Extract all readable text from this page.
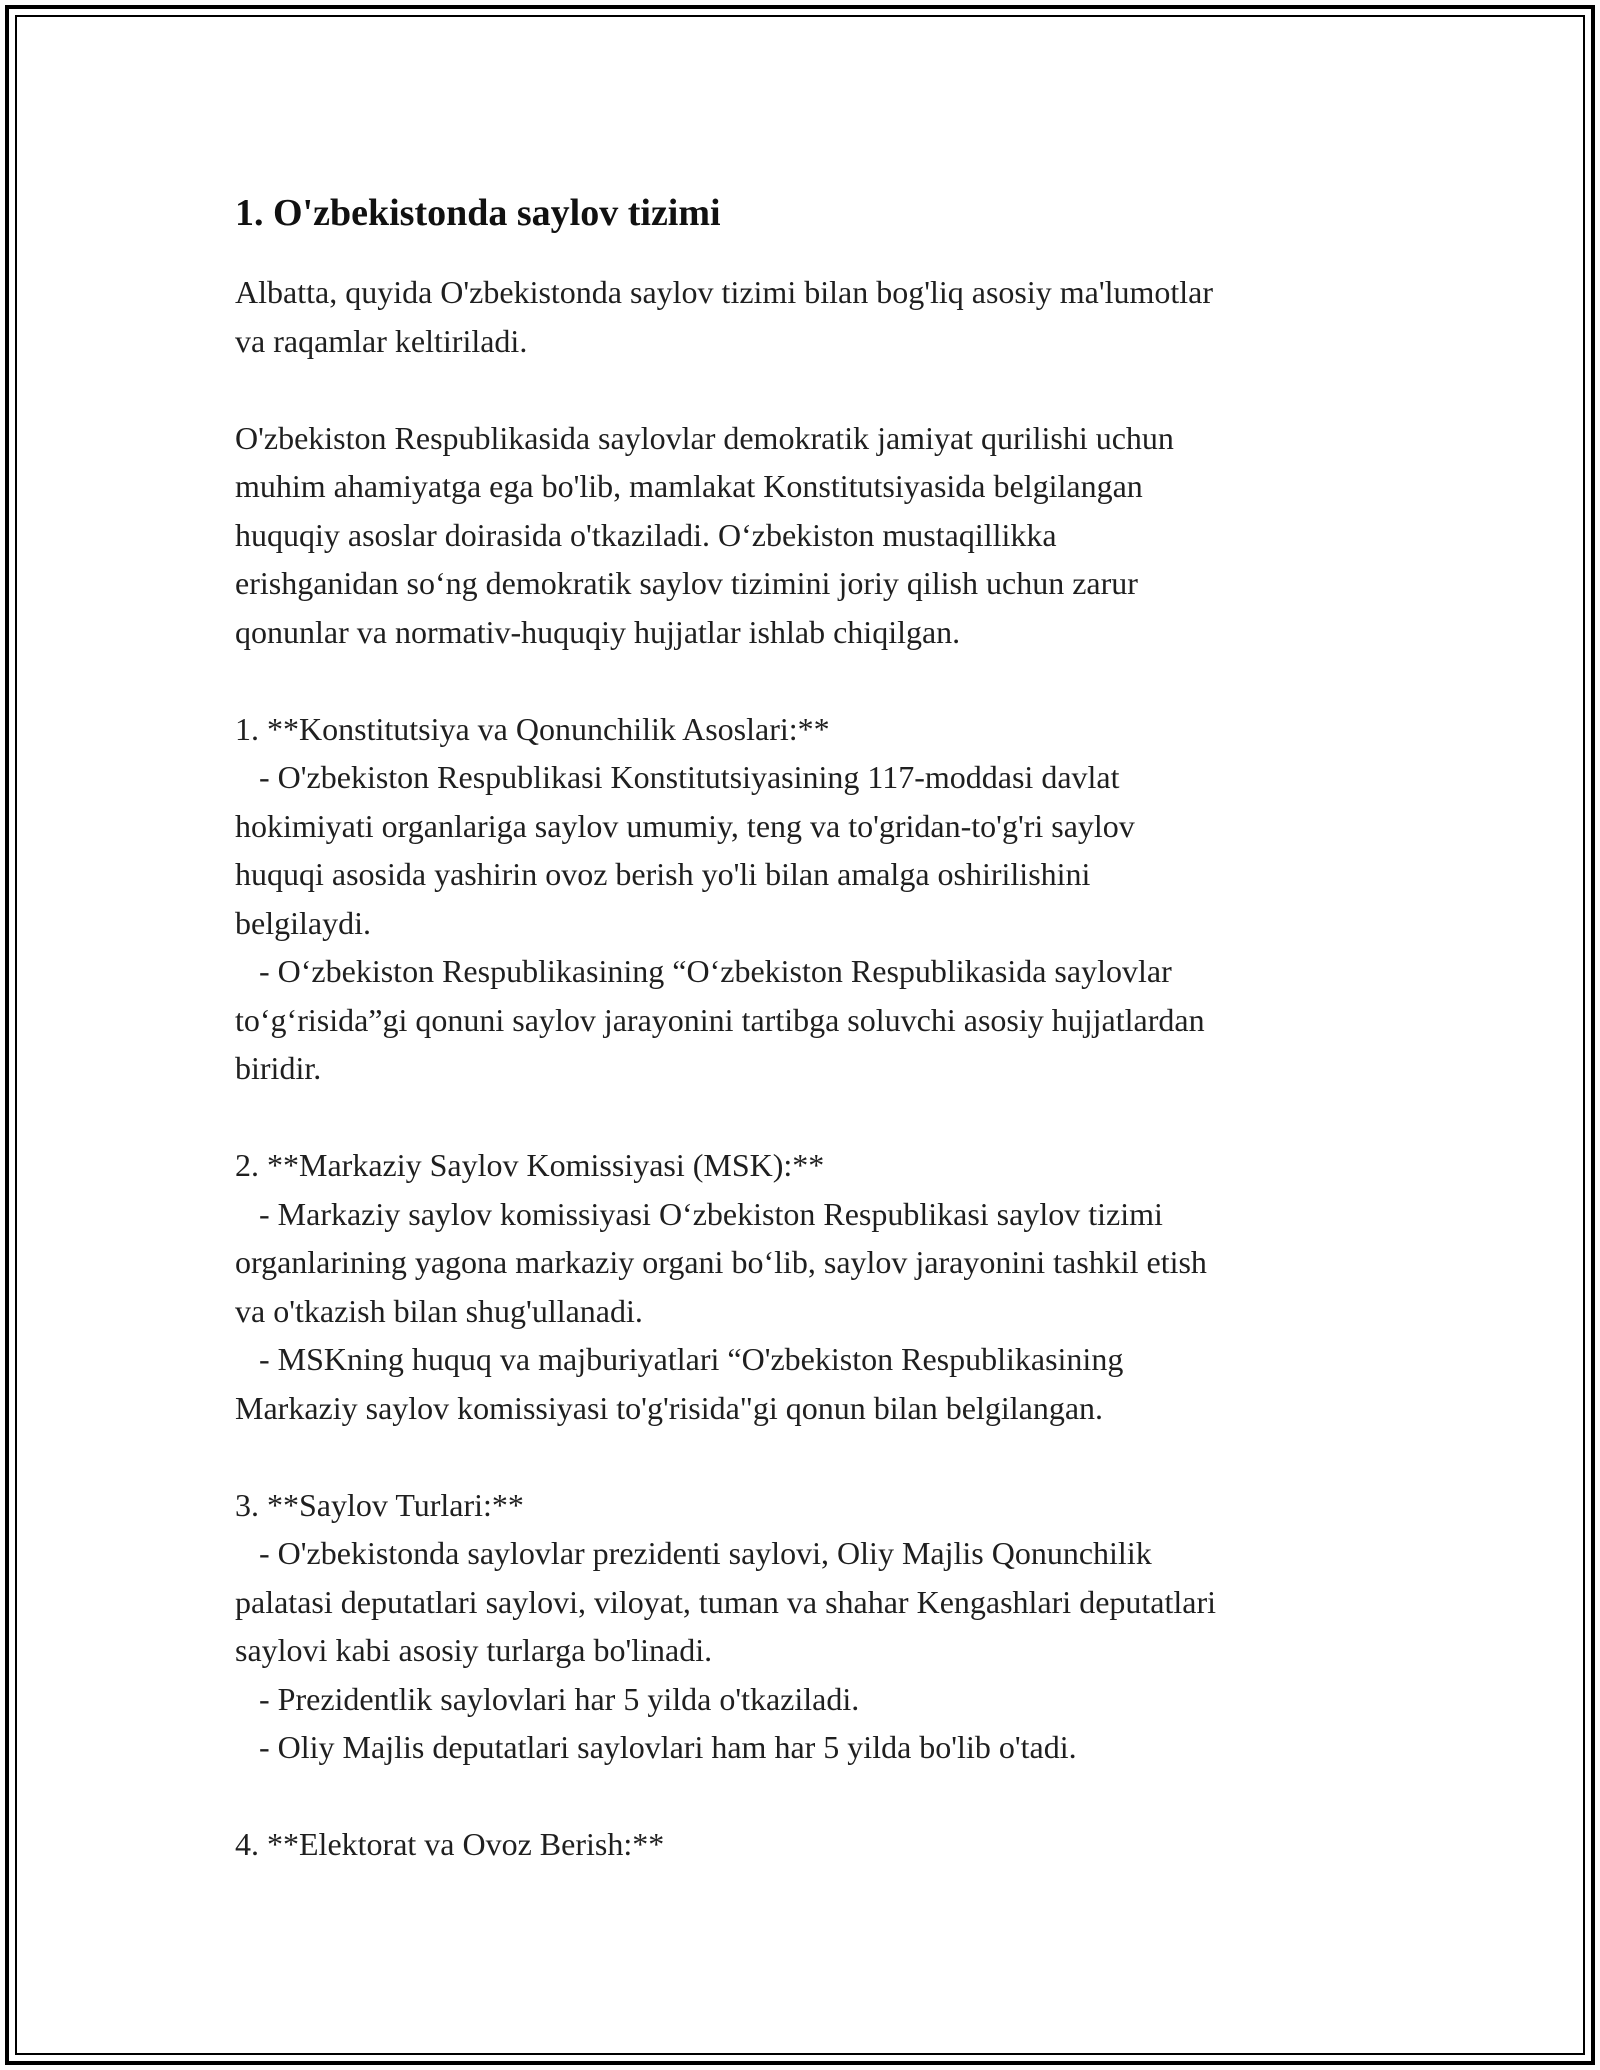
1. O'zbekistonda saylov tizimi

Albatta, quyida O'zbekistonda saylov tizimi bilan bog'liq asosiy ma'lumotlar
va raqamlar keltiriladi.

O'zbekiston Respublikasida saylovlar demokratik jamiyat qurilishi uchun
muhim ahamiyatga ega bo'lib, mamlakat Konstitutsiyasida belgilangan
huquqiy asoslar doirasida o'tkaziladi. O‘zbekiston mustaqillikka
erishganidan so‘ng demokratik saylov tizimini joriy qilish uchun zarur
qonunlar va normativ-huquqiy hujjatlar ishlab chiqilgan.

1. **Konstitutsiya va Qonunchilik Asoslari:**
- O'zbekiston Respublikasi Konstitutsiyasining 117-moddasi davlat
hokimiyati organlariga saylov umumiy, teng va to'gridan-to'g'ri saylov
huquqi asosida yashirin ovoz berish yo'li bilan amalga oshirilishini
belgilaydi.
- O‘zbekiston Respublikasining “O‘zbekiston Respublikasida saylovlar
to‘g‘risida”gi qonuni saylov jarayonini tartibga soluvchi asosiy hujjatlardan
biridir.

2. **Markaziy Saylov Komissiyasi (MSK):**
- Markaziy saylov komissiyasi O‘zbekiston Respublikasi saylov tizimi
organlarining yagona markaziy organi bo‘lib, saylov jarayonini tashkil etish
va o'tkazish bilan shug'ullanadi.
- MSKning huquq va majburiyatlari “O'zbekiston Respublikasining
Markaziy saylov komissiyasi to'g'risida"gi qonun bilan belgilangan.

3. **Saylov Turlari:**
- O'zbekistonda saylovlar prezidenti saylovi, Oliy Majlis Qonunchilik
palatasi deputatlari saylovi, viloyat, tuman va shahar Kengashlari deputatlari
saylovi kabi asosiy turlarga bo'linadi.
- Prezidentlik saylovlari har 5 yilda o'tkaziladi.
- Oliy Majlis deputatlari saylovlari ham har 5 yilda bo'lib o'tadi.

4. **Elektorat va Ovoz Berish:**
